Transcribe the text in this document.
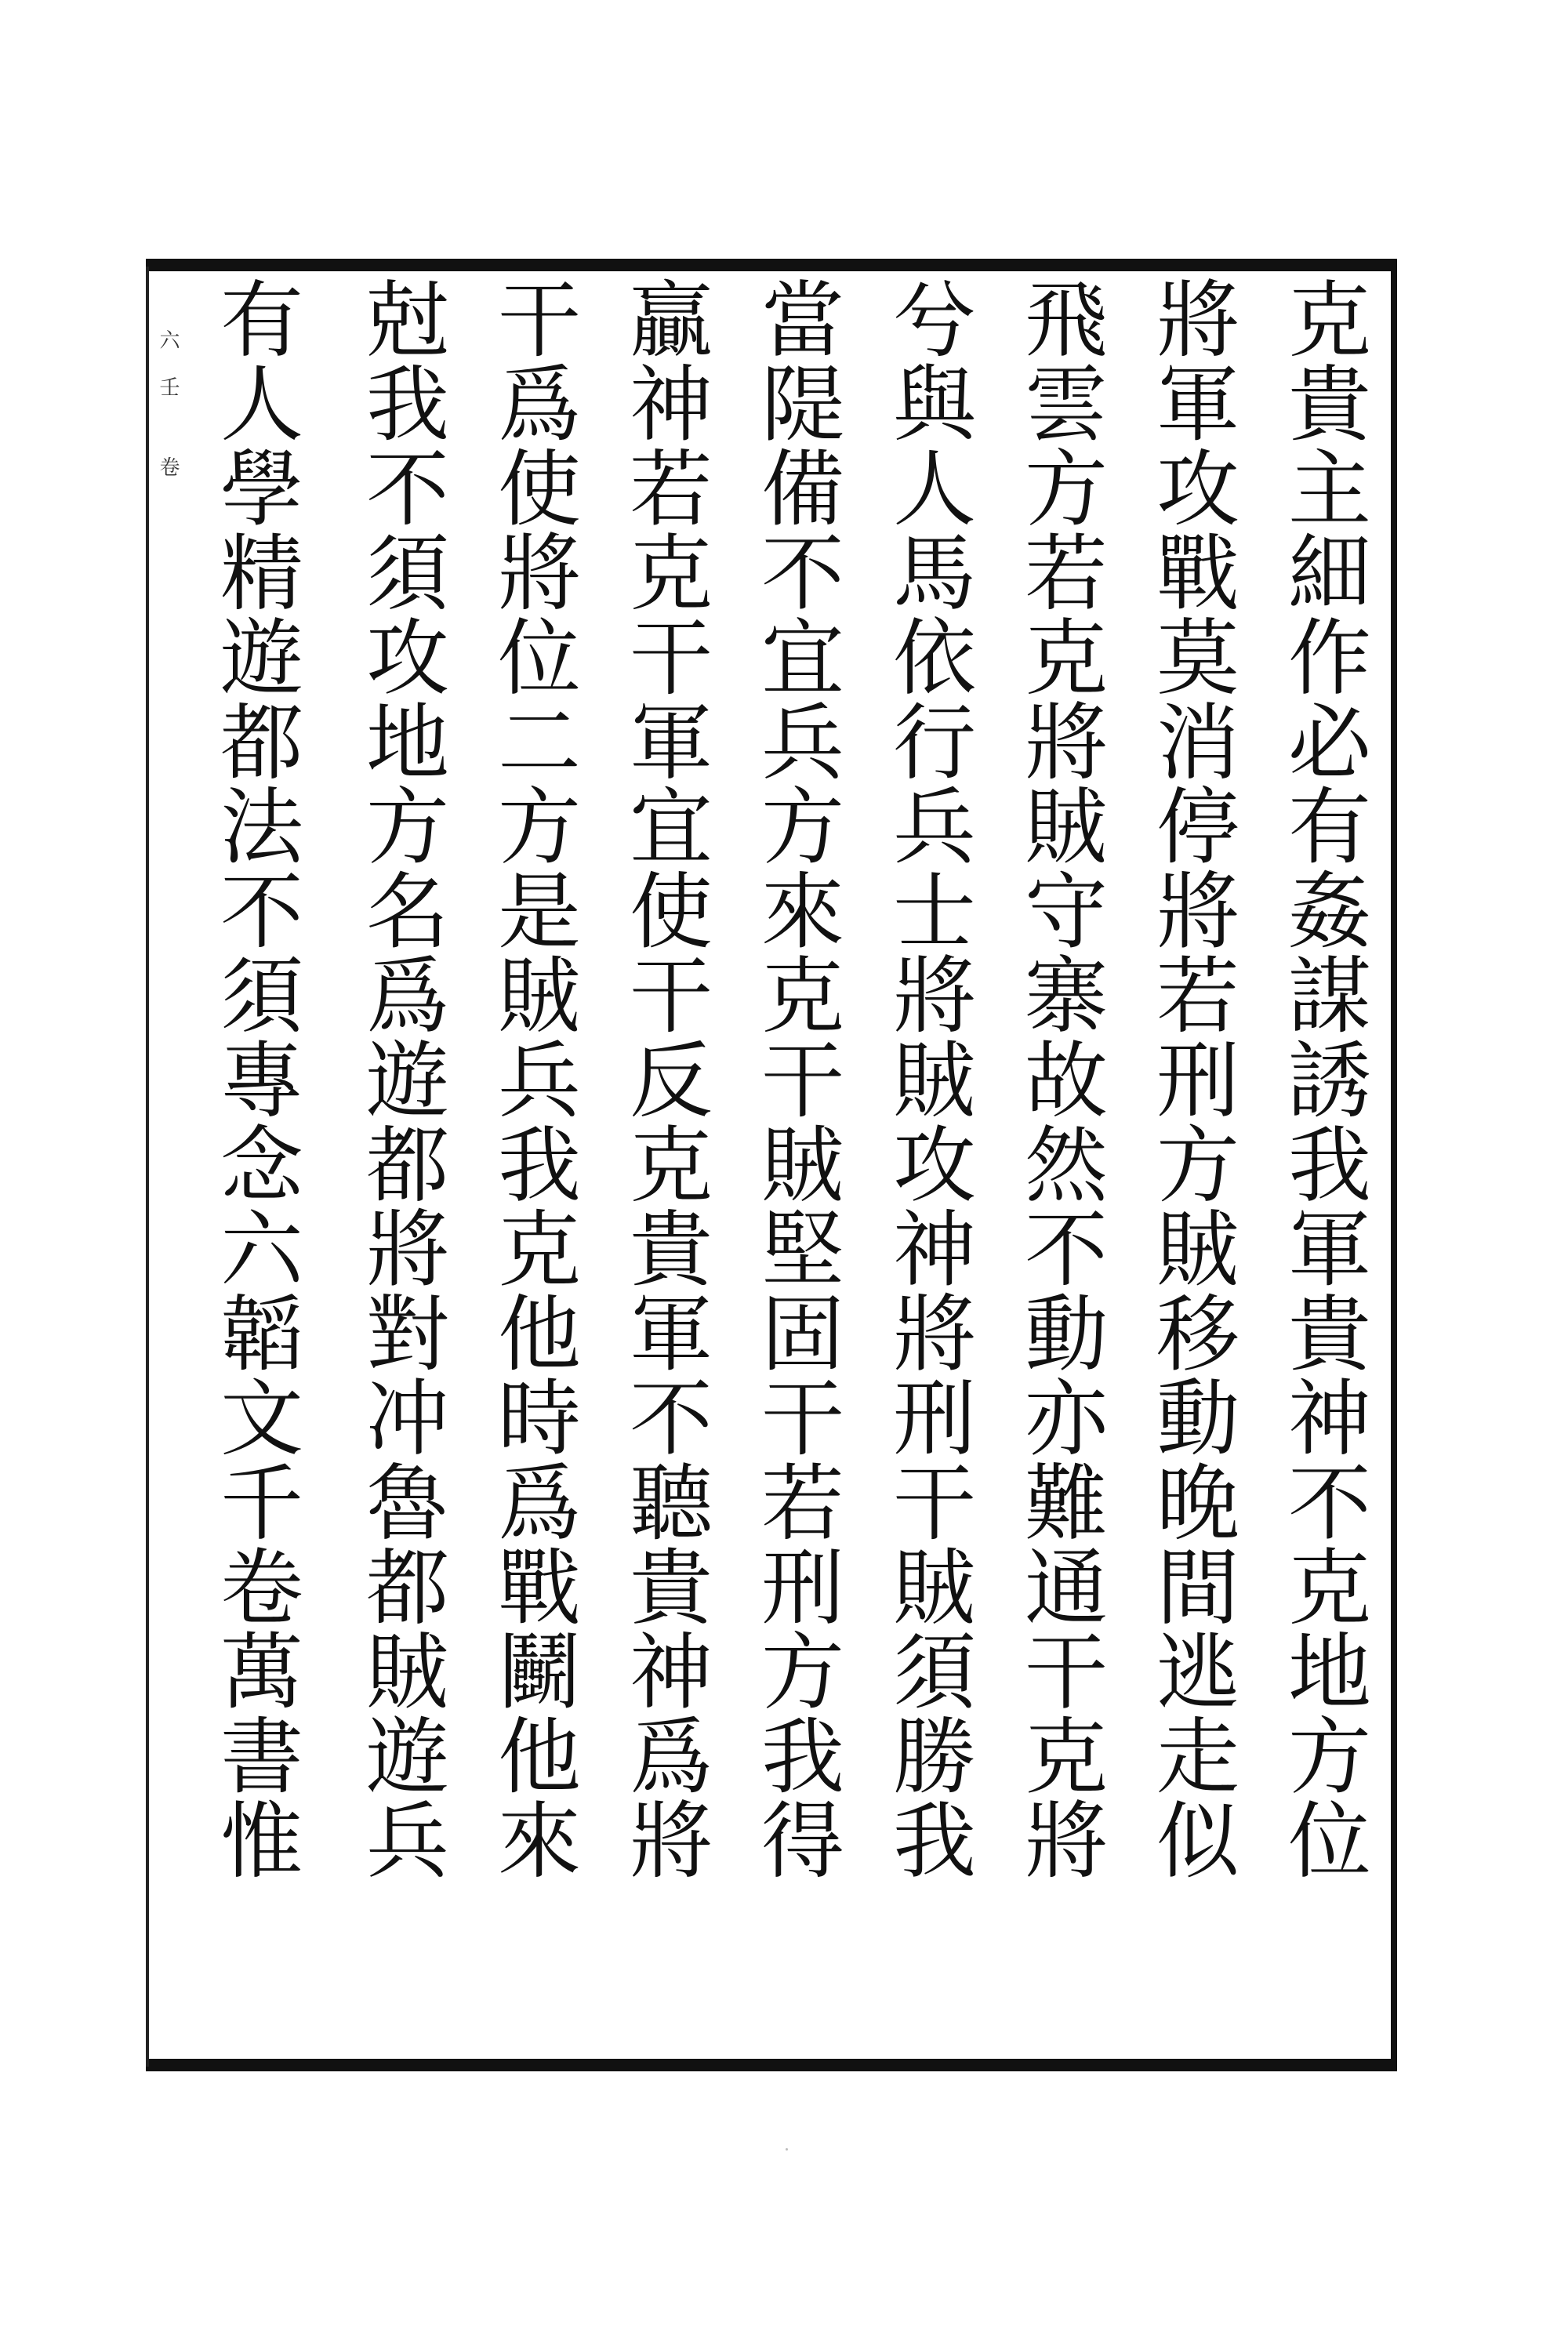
六壬 卷	克貴主細作必有姦謀誘我軍貴神不克地方位
將軍攻戰莫消停將若刑方賊移動晚間逃走似
飛雲方若克將賊守寨故然不動亦難通干克將
兮與人馬依行兵士將賊攻神將刑干賊須勝我
當隄備不宜兵方來克干賊堅固干若刑方我得
贏神若克干軍宜使干反克貴軍不聽貴神爲將
干爲使將位二方是賊兵我克他時爲戰鬭他來
尅我不須攻地方名爲遊都將對冲魯都賊遊兵
有人學精遊都法不須專念六韜文千卷萬書惟
